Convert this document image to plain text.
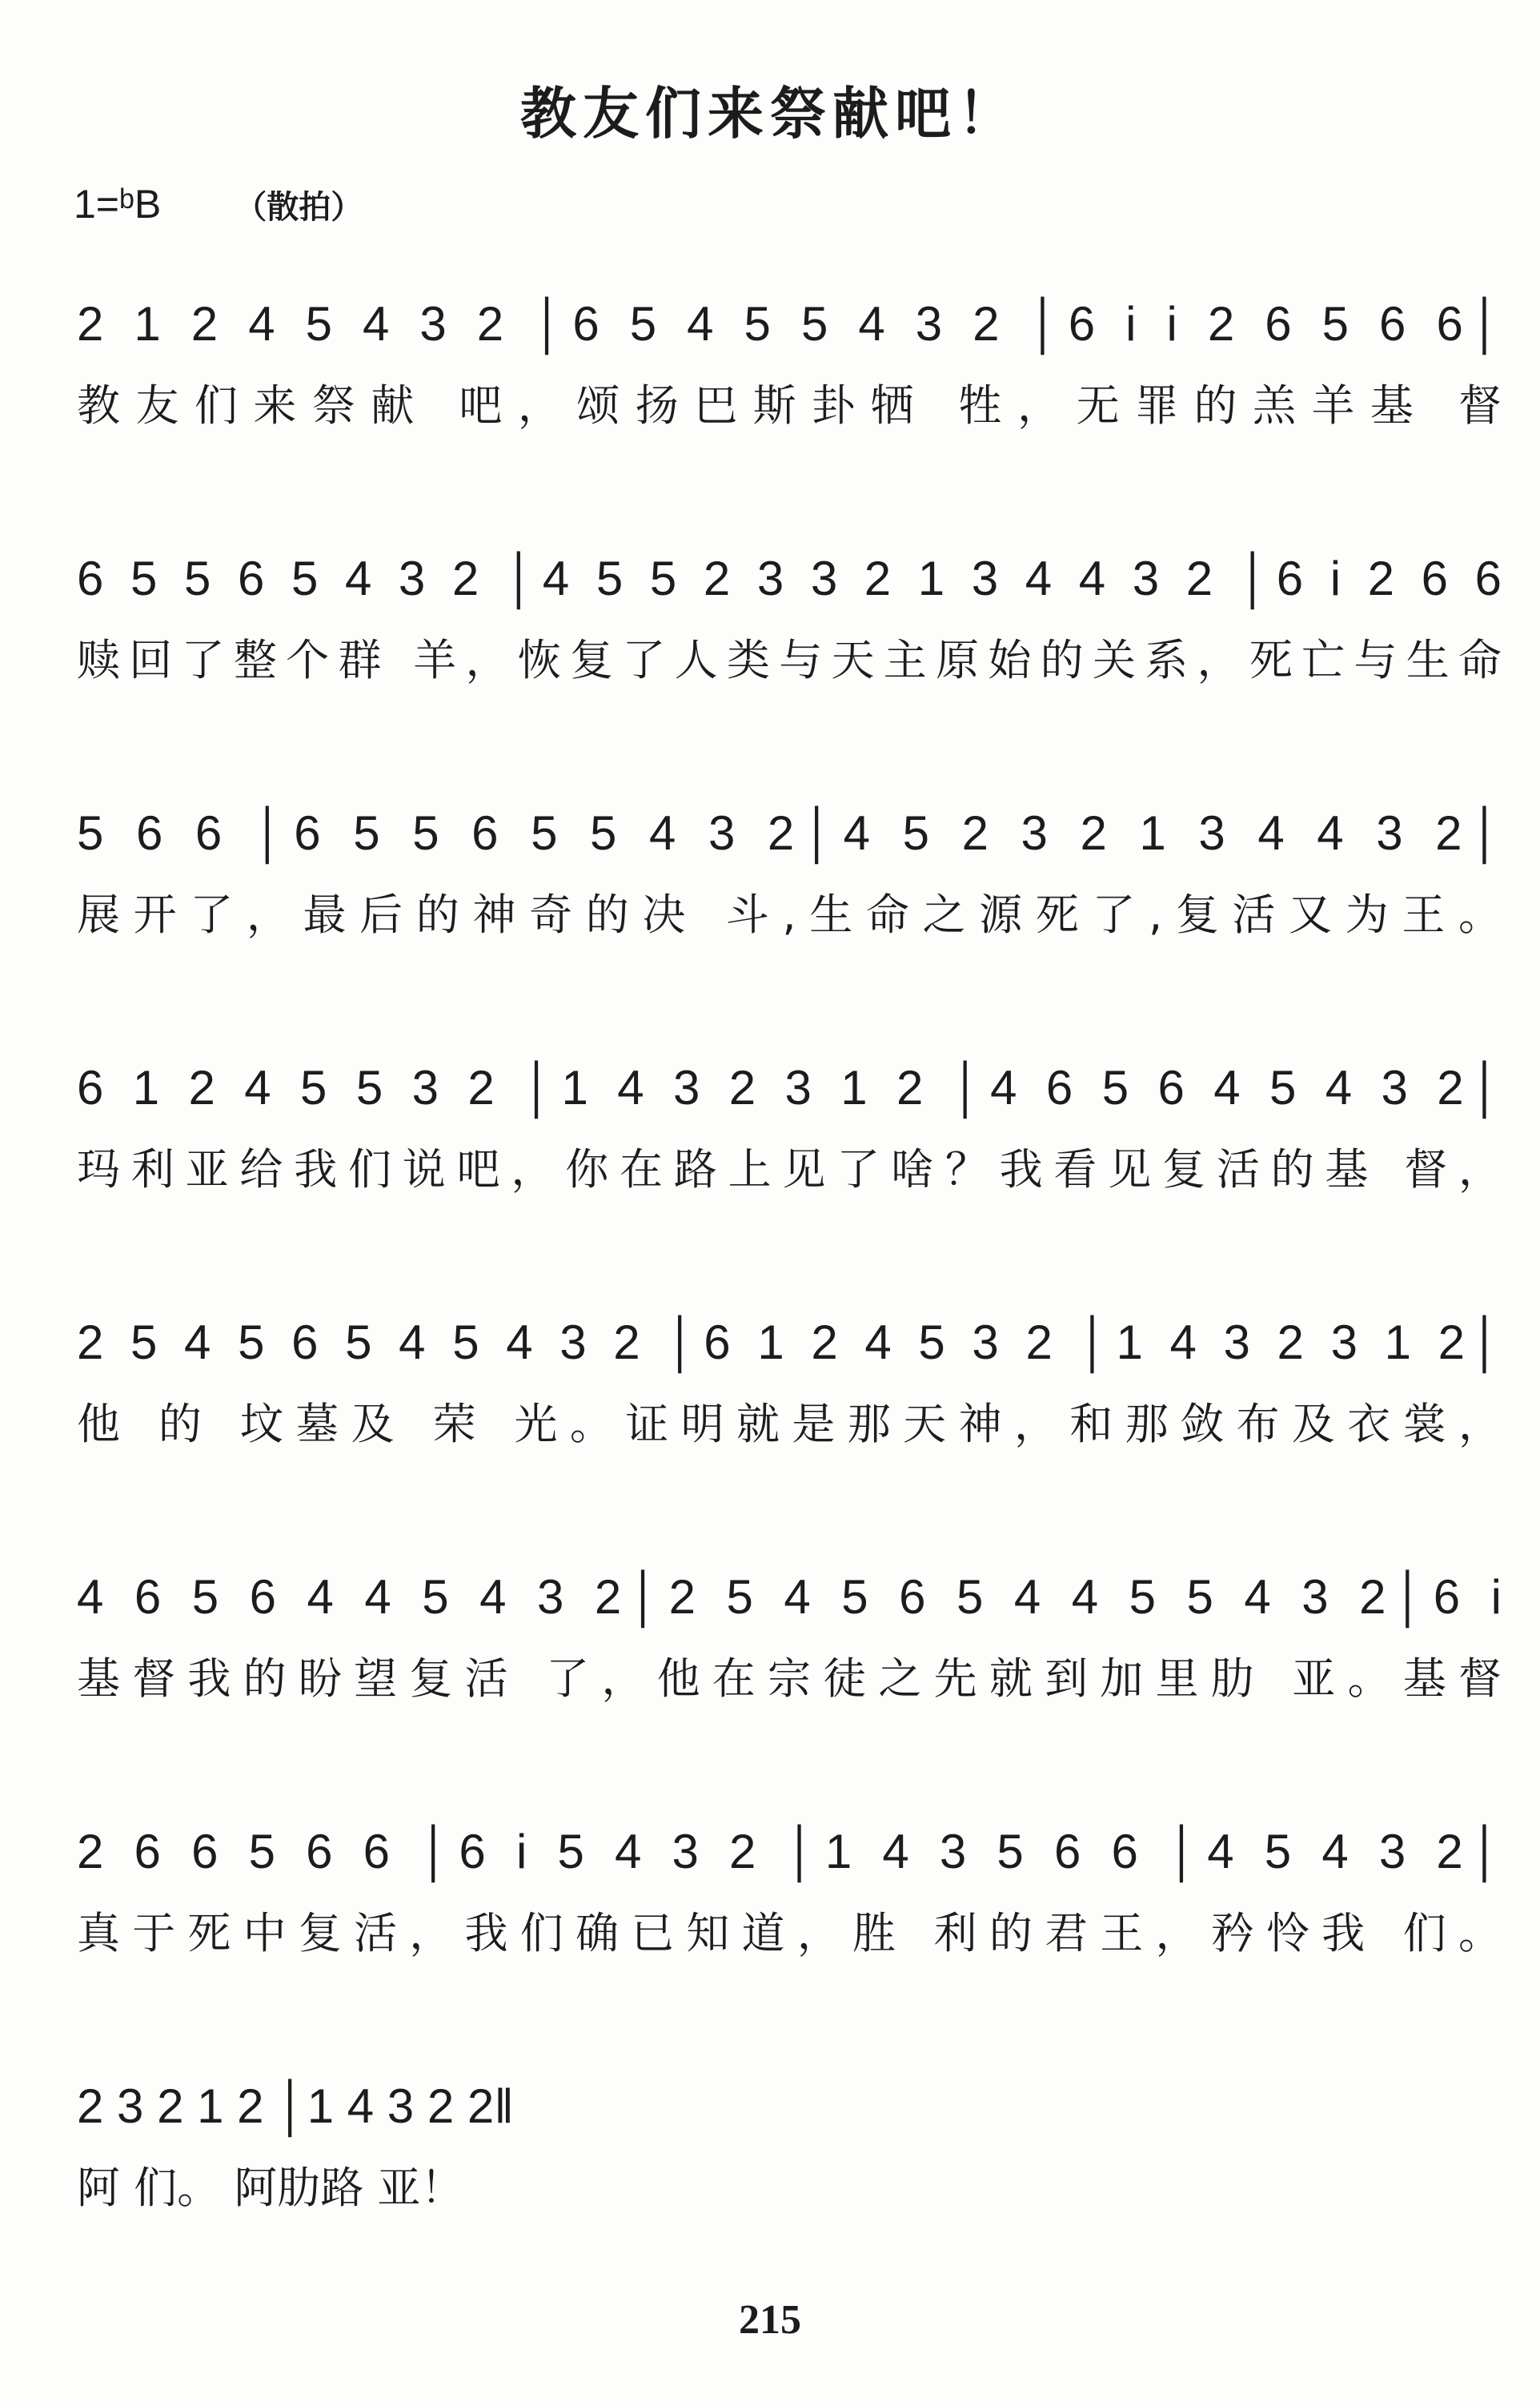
教友们来祭献吧！
1=ᵇB （散拍）
2 1 2 4 5 4 3 2 │6 5 4 5 5 4 3 2 │6 i i 2 6 5 6 6│
教友们来祭献 吧，颂扬巴斯卦牺 牲，无罪的羔羊基 督
6 5 5 6 5 4 3 2 │4 5 5 2 3 3 2 1 3 4 4 3 2 │6 i 2 6 6
赎回了整个群 羊，恢复了人类与天主原始的关系，死亡与生命
5 6 6 │6 5 5 6 5 5 4 3 2│4 5 2 3 2 1 3 4 4 3 2│
展开了，最后的神奇的决 斗,生命之源死了,复活又为王。
6 1 2 4 5 5 3 2 │1 4 3 2 3 1 2 │4 6 5 6 4 5 4 3 2│
玛利亚给我们说吧，你在路上见了啥？我看见复活的基 督，
2 5 4 5 6 5 4 5 4 3 2 │6 1 2 4 5 3 2 │1 4 3 2 3 1 2│
他 的 坟墓及 荣 光。证明就是那天神，和那敛布及衣裳，
4 6 5 6 4 4 5 4 3 2│2 5 4 5 6 5 4 4 5 5 4 3 2│6 i
基督我的盼望复活 了，他在宗徒之先就到加里肋 亚。基督
2 6 6 5 6 6 │6 i 5 4 3 2 │1 4 3 5 6 6 │4 5 4 3 2│
真于死中复活，我们确已知道，胜 利的君王，矜怜我 们。
2 3 2 1 2 │1 4 3 2 2‖
阿 们。 阿肋路 亚！
215
